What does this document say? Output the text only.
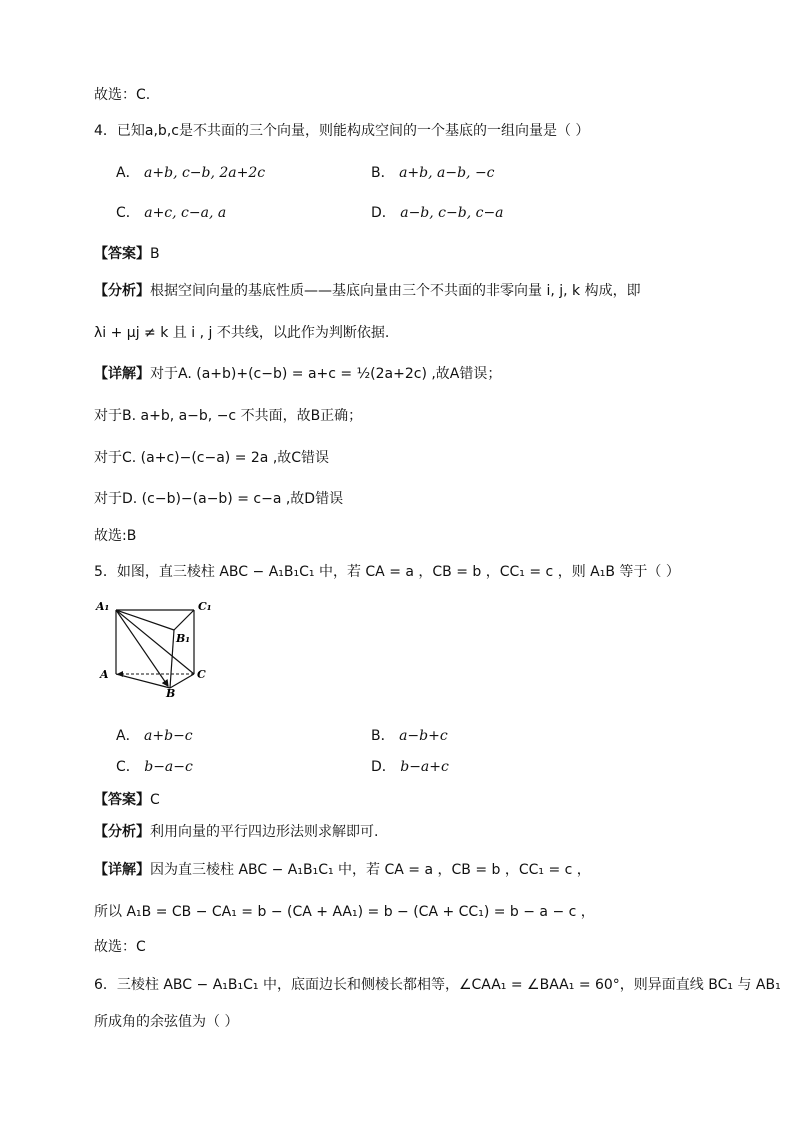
故选：C.
4．已知a,b,c是不共面的三个向量，则能构成空间的一个基底的一组向量是（ ）
A． a+b, c−b, 2a+2c	B． a+b, a−b, −c
C． a+c, c−a, a	D． a−b, c−b, c−a
【答案】B
【分析】根据空间向量的基底性质——基底向量由三个不共面的非零向量 i, j, k 构成，即
λi + μj ≠ k 且 i , j 不共线，以此作为判断依据.
【详解】对于A. (a+b)+(c−b) = a+c = ½(2a+2c) ,故A错误；
对于B. a+b, a−b, −c 不共面，故B正确；
对于C. (a+c)−(c−a) = 2a ,故C错误
对于D. (c−b)−(a−b) = c−a ,故D错误
故选:B
5．如图，直三棱柱 ABC − A₁B₁C₁ 中，若 CA = a ，CB = b ，CC₁ = c ，则 A₁B 等于（ ）
A₁	C₁
B₁
A	C
B
A． a+b−c	B． a−b+c
C． b−a−c	D． b−a+c
【答案】C
【分析】利用向量的平行四边形法则求解即可.
【详解】因为直三棱柱 ABC − A₁B₁C₁ 中，若 CA = a ，CB = b ，CC₁ = c ，
所以 A₁B = CB − CA₁ = b − (CA + AA₁) = b − (CA + CC₁) = b − a − c ，
故选：C
6．三棱柱 ABC − A₁B₁C₁ 中，底面边长和侧棱长都相等，∠CAA₁ = ∠BAA₁ = 60°，则异面直线 BC₁ 与 AB₁
所成角的余弦值为（ ）
